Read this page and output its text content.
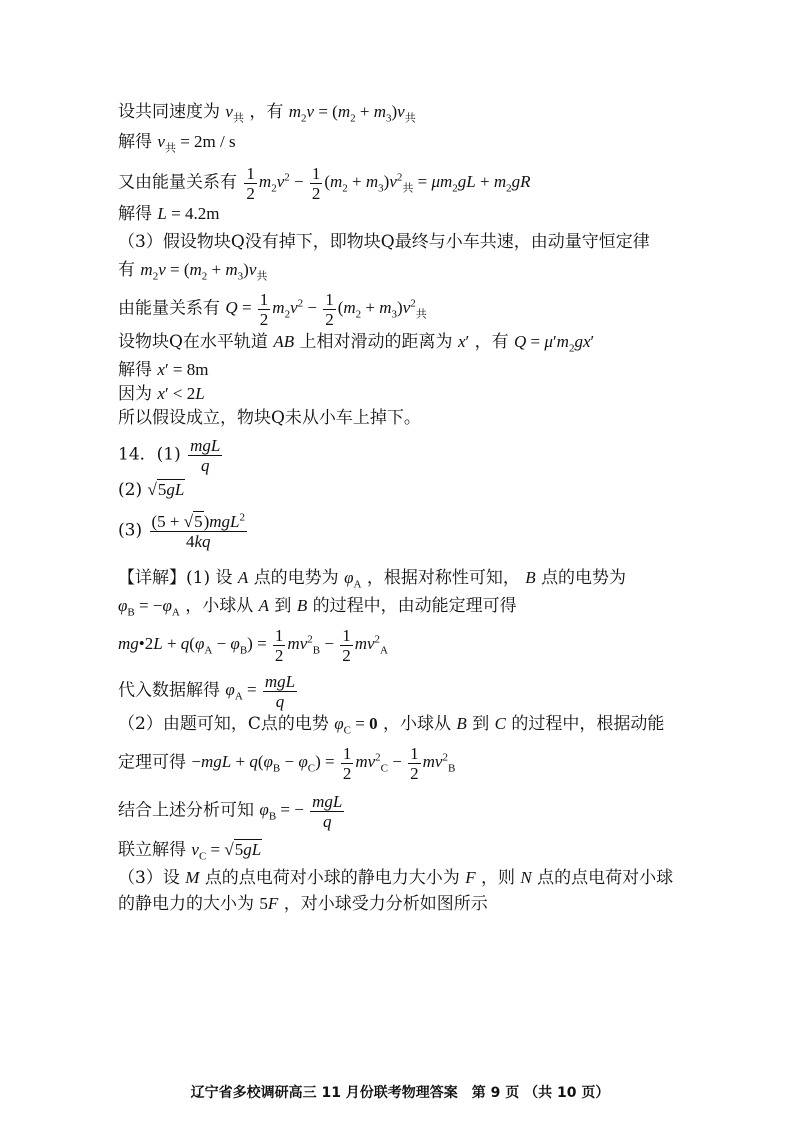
设共同速度为 $v_共$ ，有 $m_2v = (m_2 + m_3)v_共$
解得 $v_共 = 2m / s$
又由能量关系有 $\frac{1}{2} m_2v^2 - \frac{1}{2} (m_2 + m_3)v^2_共 = \mu m_2gL + m_2gR$
解得 L = 4.2m
（3）假设物块Q没有掉下，即物块Q最终与小车共速，由动量守恒定律
有 $m_2v = (m_2 + m_3)v_共$
由能量关系有 $Q = \frac{1}{2} m_2v^2 - \frac{1}{2} (m_2 + m_3)v^2_共$
设物块Q在水平轨道 AB 上相对滑动的距离为 x′ ，有 $Q = \mu'm_2gx'$
解得 x′ = 8m
因为 x′ < 2L
所以假设成立，物块Q未从小车上掉下。
14．$(1) \frac{\text{mgL}}{q}$
(2) √5gL
$(3) \frac{(5 + √5)mgL^2}{4kq}$
【详解】(1) 设 A 点的电势为 $\varphi_A$ ，根据对称性可知， B 点的电势为
$\varphi_B = -\varphi_A$ ，小球从 A 到 B 的过程中，由动能定理可得
mg•2L + $q(\varphi_A - \varphi_B) = \frac{1}{2} mv^2_B - \frac{1}{2} mv^2_A$
代入数据解得 $\varphi_A = \frac{\text{mgL}}{q}$
（2）由题可知，C点的电势 $\varphi_C = 0$ ，小球从 B 到 C 的过程中，根据动能
定理可得 $-mgL + q(\varphi_B - \varphi_C) = \frac{1}{2} mv^2_C - \frac{1}{2} mv^2_B$
结合上述分析可知 $\varphi_B$ = − $\frac{\text{mgL}}{q}$
联立解得 $v_C = √5gL$
（3）设 M 点的点电荷对小球的静电力大小为 F ，则 N 点的点电荷对小球
的静电力的大小为 5F ，对小球受力分析如图所示
辽宁省多校调研高三 11 月份联考物理答案　第 9 页 （共 10 页）
